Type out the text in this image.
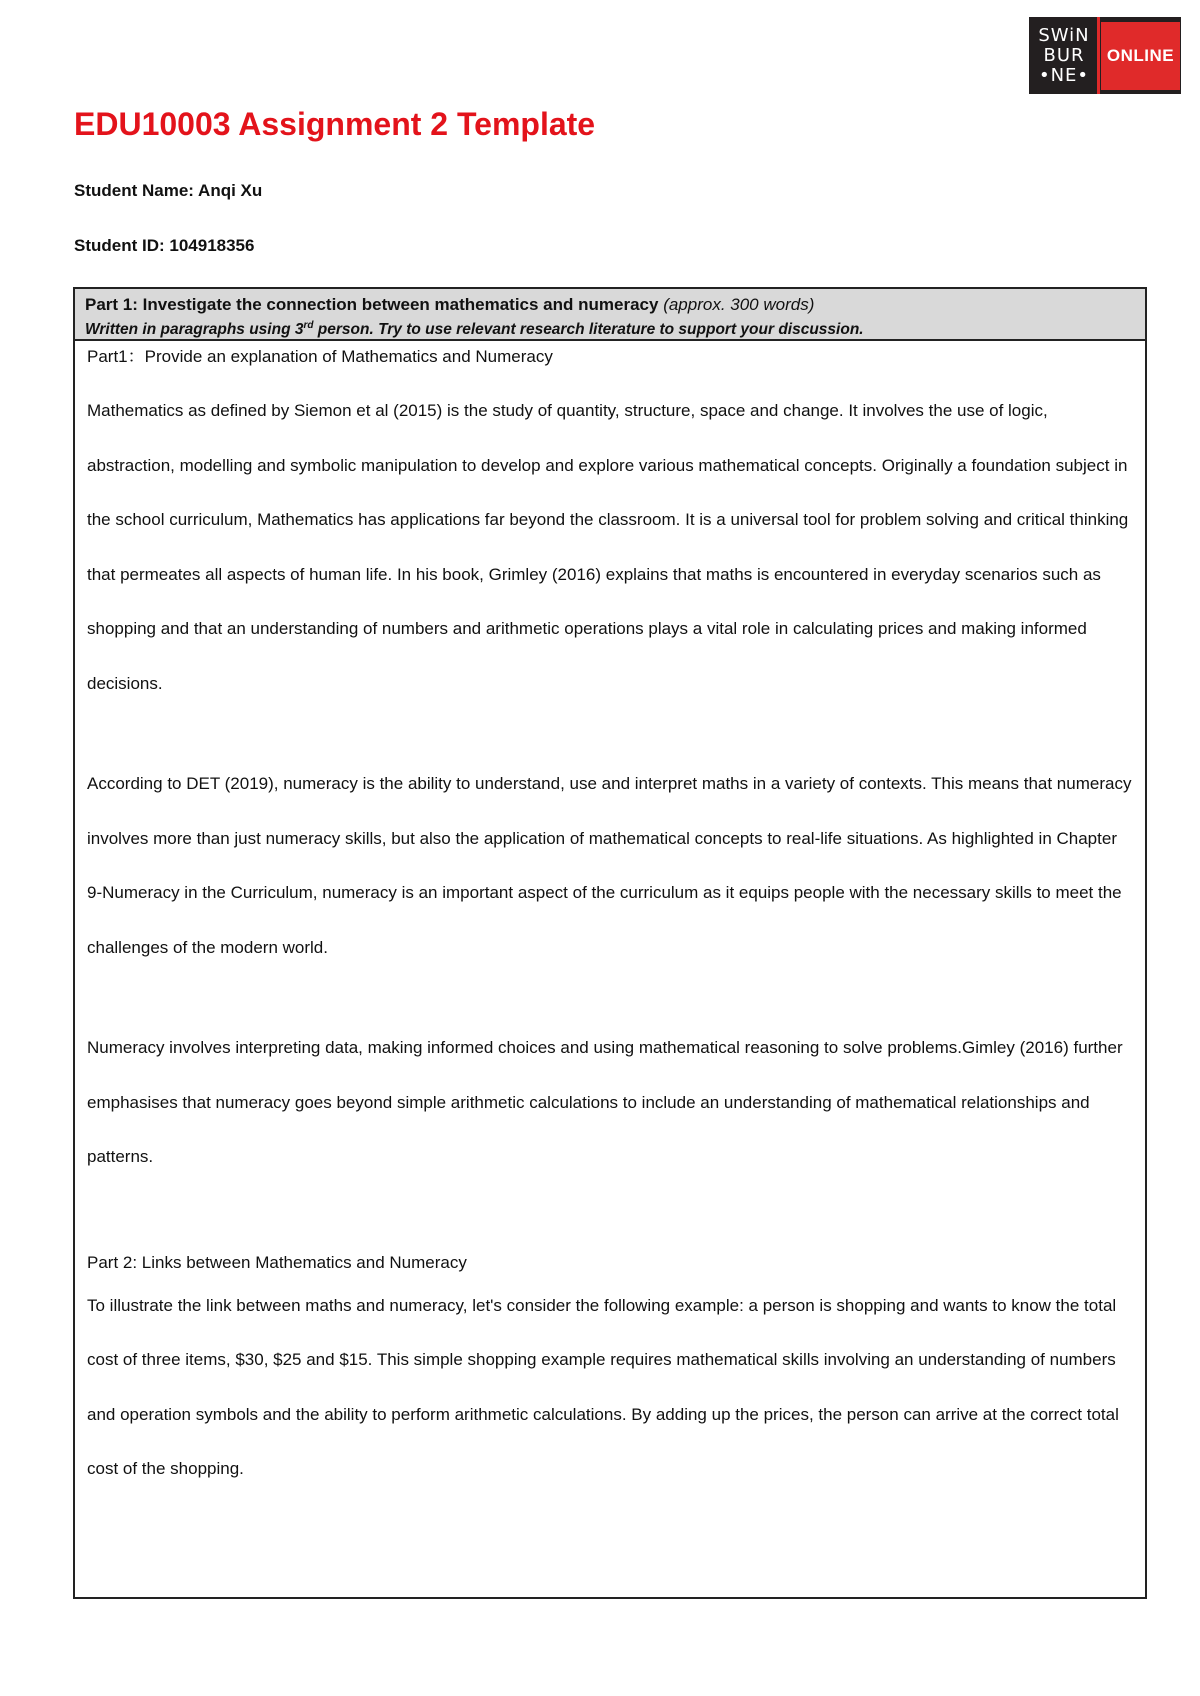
SWiN
BUR
•NE•
ONLINE
EDU10003 Assignment 2 Template

Student Name: Anqi Xu

Student ID: 104918356

Part 1: Investigate the connection between mathematics and numeracy (approx. 300 words)
Written in paragraphs using 3rd person. Try to use relevant research literature to support your discussion.

Part1：Provide an explanation of Mathematics and Numeracy

Mathematics as defined by Siemon et al (2015) is the study of quantity, structure, space and change. It involves the use of logic, abstraction, modelling and symbolic manipulation to develop and explore various mathematical concepts. Originally a foundation subject in the school curriculum, Mathematics has applications far beyond the classroom. It is a universal tool for problem solving and critical thinking that permeates all aspects of human life. In his book, Grimley (2016) explains that maths is encountered in everyday scenarios such as shopping and that an understanding of numbers and arithmetic operations plays a vital role in calculating prices and making informed decisions.

According to DET (2019), numeracy is the ability to understand, use and interpret maths in a variety of contexts. This means that numeracy involves more than just numeracy skills, but also the application of mathematical concepts to real-life situations. As highlighted in Chapter 9-Numeracy in the Curriculum, numeracy is an important aspect of the curriculum as it equips people with the necessary skills to meet the challenges of the modern world.

Numeracy involves interpreting data, making informed choices and using mathematical reasoning to solve problems.Gimley (2016) further emphasises that numeracy goes beyond simple arithmetic calculations to include an understanding of mathematical relationships and patterns.

Part 2: Links between Mathematics and Numeracy

To illustrate the link between maths and numeracy, let's consider the following example: a person is shopping and wants to know the total cost of three items, $30, $25 and $15. This simple shopping example requires mathematical skills involving an understanding of numbers and operation symbols and the ability to perform arithmetic calculations. By adding up the prices, the person can arrive at the correct total cost of the shopping.
